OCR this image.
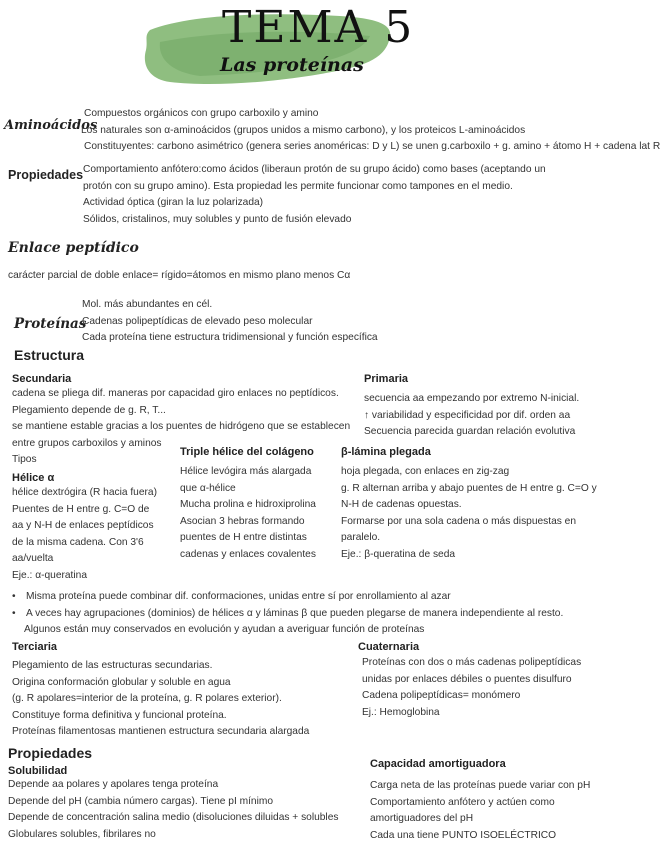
TEMA 5
Las proteínas
Aminoácidos
Compuestos orgánicos con grupo carboxilo y amino
Los naturales son α-aminoácidos (grupos unidos a mismo carbono), y los proteicos L-aminoácidos
Constituyentes: carbono asimétrico (genera series anoméricas: D y L) se unen g.carboxilo + g. amino + átomo H + cadena lat R
Propiedades Comportamiento anfótero:como ácidos (liberaun protón de su grupo ácido) como bases (aceptando un
protón con su grupo amino). Esta propiedad les permite funcionar como tampones en el medio.
Actividad óptica (giran la luz polarizada)
Sólidos, cristalinos, muy solubles y punto de fusión elevado
Enlace peptídico
carácter parcial de doble enlace= rígido=átomos en mismo plano menos Cα
Proteínas
Mol. más abundantes en cél.
Cadenas polipeptídicas de elevado peso molecular
Cada proteína tiene estructura tridimensional y función específica
Estructura
Secundaria
cadena se pliega dif. maneras por capacidad giro enlaces no peptídicos.
Plegamiento depende de g. R, T...
se mantiene estable gracias a los puentes de hidrógeno que se establecen
entre grupos carboxilos y aminos
Tipos
Primaria
secuencia aa empezando por extremo N-inicial.
↑ variabilidad y especificidad por dif. orden aa
Secuencia parecida guardan relación evolutiva
Hélice α
hélice dextrógira (R hacia fuera)
Puentes de H entre g. C=O de
aa y N-H de enlaces peptídicos
de la misma cadena. Con 3'6
aa/vuelta
Eje.: α-queratina
Triple hélice del colágeno
Hélice levógira más alargada
que α-hélice
Mucha prolina e hidroxiprolina
Asocian 3 hebras formando
puentes de H entre distintas
cadenas y enlaces covalentes
β-lámina plegada
hoja plegada, con enlaces en zig-zag
g. R alternan arriba y abajo puentes de H entre g. C=O y
N-H de cadenas opuestas.
Formarse por una sola cadena o más dispuestas en
paralelo.
Eje.: β-queratina de seda
•	Misma proteína puede combinar dif. conformaciones, unidas entre sí por enrollamiento al azar
•	A veces hay agrupaciones (dominios) de hélices α y láminas β que pueden plegarse de manera independiente al resto.
Algunos están muy conservados en evolución y ayudan a averiguar función de proteínas
Terciaria
Plegamiento de las estructuras secundarias.
Origina conformación globular y soluble en agua
(g. R apolares=interior de la proteína, g. R polares exterior).
Constituye forma definitiva y funcional proteína.
Proteínas filamentosas mantienen estructura secundaria alargada
Cuaternaria
Proteínas con dos o más cadenas polipeptídicas
unidas por enlaces débiles o puentes disulfuro
Cadena polipeptídicas= monómero
Ej.: Hemoglobina
Propiedades
Solubilidad
Depende aa polares y apolares tenga proteína
Depende del pH (cambia número cargas). Tiene pI mínimo
Depende de concentración salina medio (disoluciones diluidas + solubles
Globulares solubles, fibrilares no
Capacidad amortiguadora
Carga neta de las proteínas puede variar con pH
Comportamiento anfótero y actúen como
amortiguadores del pH
Cada una tiene PUNTO ISOELÉCTRICO
